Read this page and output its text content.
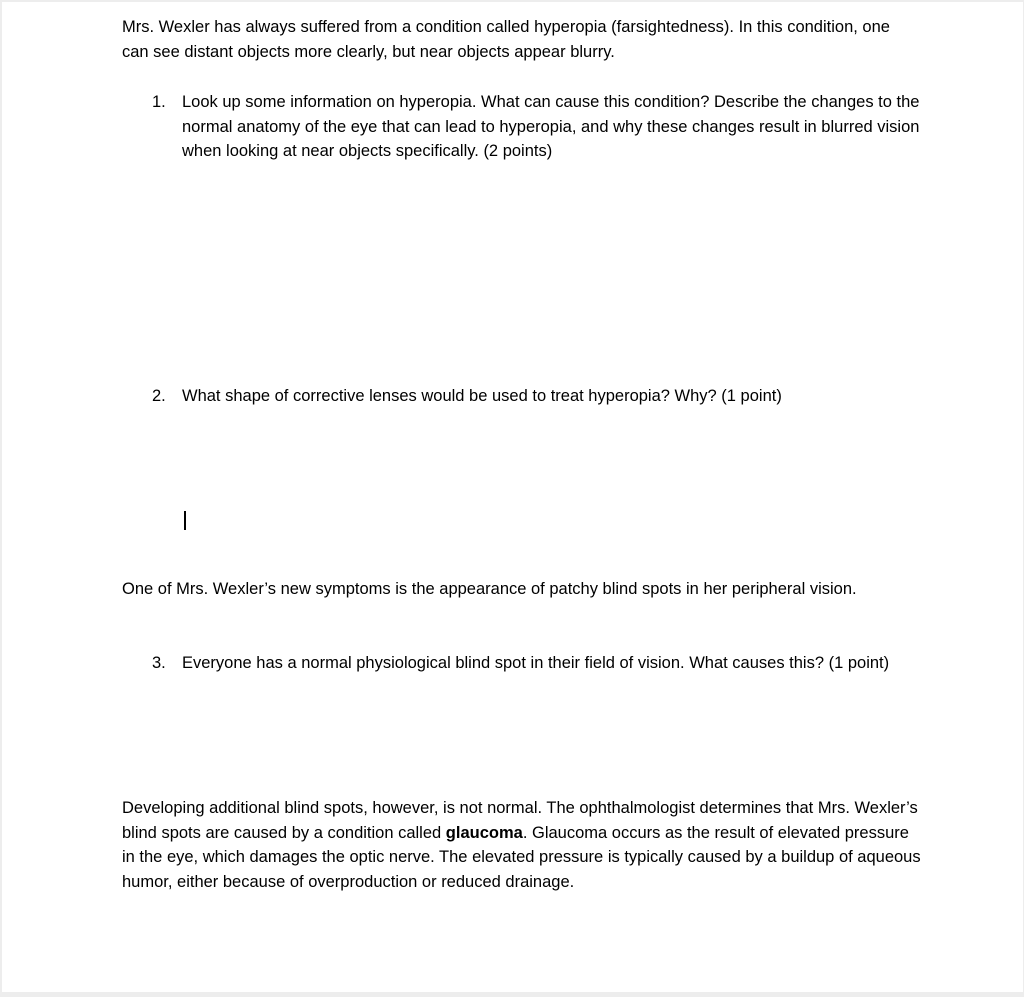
Mrs. Wexler has always suffered from a condition called hyperopia (farsightedness). In this condition, one can see distant objects more clearly, but near objects appear blurry.

1. Look up some information on hyperopia. What can cause this condition? Describe the changes to the normal anatomy of the eye that can lead to hyperopia, and why these changes result in blurred vision when looking at near objects specifically. (2 points)
2. What shape of corrective lenses would be used to treat hyperopia? Why? (1 point)

One of Mrs. Wexler’s new symptoms is the appearance of patchy blind spots in her peripheral vision.

3. Everyone has a normal physiological blind spot in their field of vision. What causes this? (1 point)

Developing additional blind spots, however, is not normal. The ophthalmologist determines that Mrs. Wexler’s blind spots are caused by a condition called glaucoma. Glaucoma occurs as the result of elevated pressure in the eye, which damages the optic nerve. The elevated pressure is typically caused by a buildup of aqueous humor, either because of overproduction or reduced drainage.
